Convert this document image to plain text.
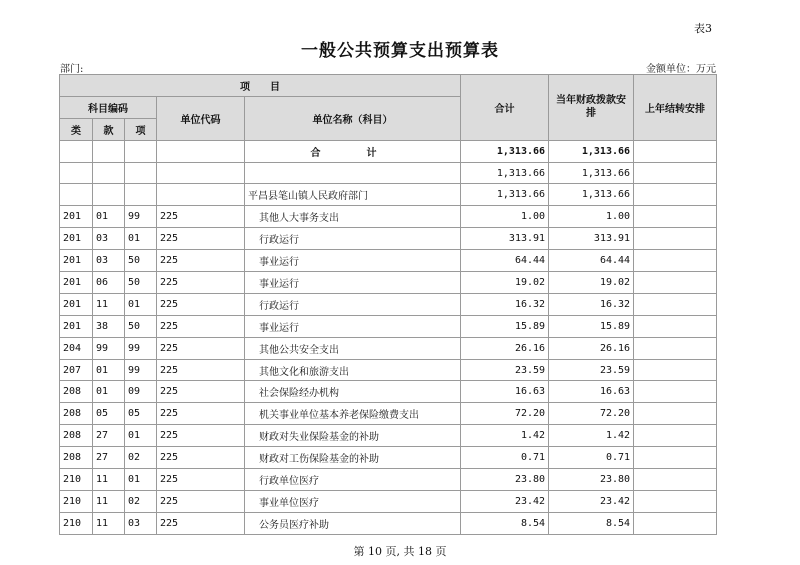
表3
一般公共预算支出预算表
部门:	金额单位：万元
项　　目					合计	当年财政拨款安排	上年结转安排
科目编码			单位代码	单位名称（科目）			
类	款	项					
				合　计	1,313.66	1,313.66	
					1,313.66	1,313.66	
				平昌县笔山镇人民政府部门	1,313.66	1,313.66	
201	01	99	225	其他人大事务支出	1.00	1.00	
201	03	01	225	行政运行	313.91	313.91	
201	03	50	225	事业运行	64.44	64.44	
201	06	50	225	事业运行	19.02	19.02	
201	11	01	225	行政运行	16.32	16.32	
201	38	50	225	事业运行	15.89	15.89	
204	99	99	225	其他公共安全支出	26.16	26.16	
207	01	99	225	其他文化和旅游支出	23.59	23.59	
208	01	09	225	社会保险经办机构	16.63	16.63	
208	05	05	225	机关事业单位基本养老保险缴费支出	72.20	72.20	
208	27	01	225	财政对失业保险基金的补助	1.42	1.42	
208	27	02	225	财政对工伤保险基金的补助	0.71	0.71	
210	11	01	225	行政单位医疗	23.80	23.80	
210	11	02	225	事业单位医疗	23.42	23.42	
210	11	03	225	公务员医疗补助	8.54	8.54	
第 10 页, 共 18 页
